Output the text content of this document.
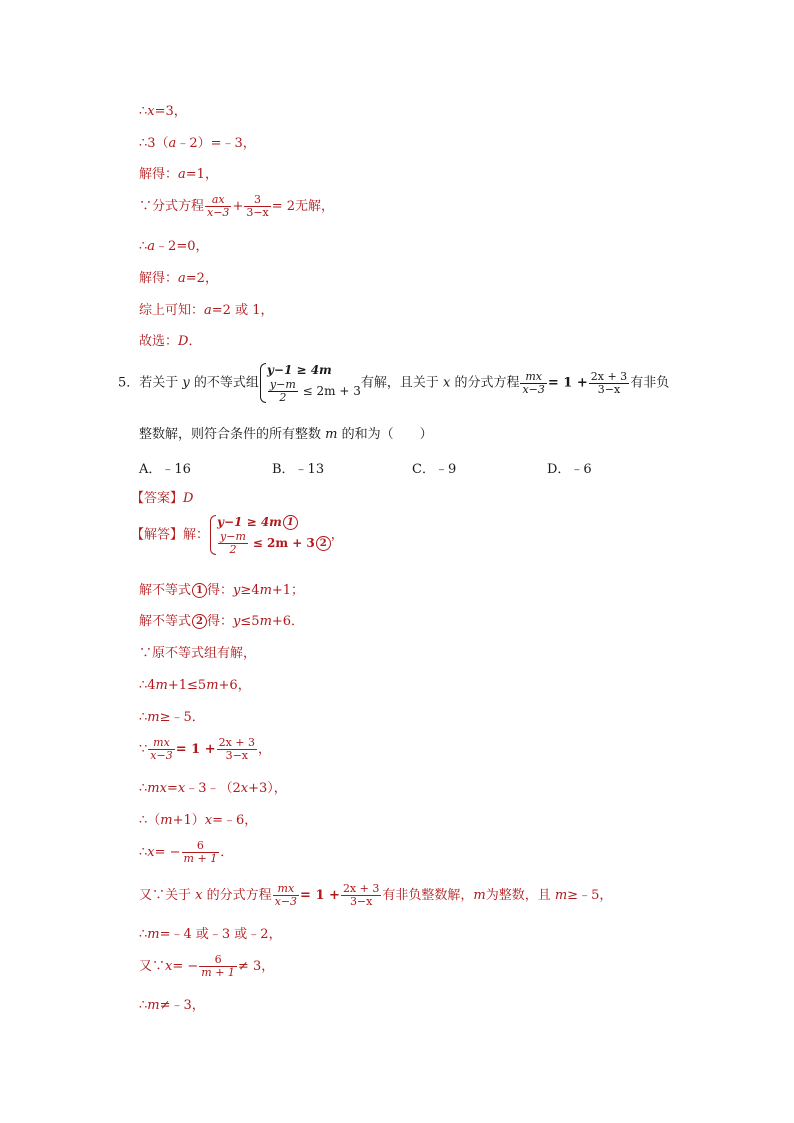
∴x=3，
∴3（a﹣2）=﹣3，
解得：a=1，
∵分式方程 $\frac{ax}{x-3} + \frac{3}{3-x} = 2$无解，
∴a﹣2=0，
解得：a=2，
综上可知：a=2 或 1，
故选：D．
5．若关于 y 的不等式组
y−1 ≥ 4m
$\frac{y-m}{2} \le 2m + 3$
有解，且关于 x 的分式方程 $\frac{mx}{x-3} = 1 + \frac{2x + 3}{3-x}$ 有非负
整数解，则符合条件的所有整数 m 的和为（　　）
A．﹣16	B．﹣13	C．﹣9	D．﹣6
【答案】D
【解答】解：
y−1 ≥ 4m 1
$\frac{y-m}{2} \le 2m + 3$ 2
，
解不等式 1 得：y≥4m+1；
解不等式 2 得：y≤5m+6．
∵原不等式组有解，
∴4m+1≤5m+6，
∴m≥﹣5．
∵ $\frac{mx}{x-3} = 1 + \frac{2x + 3}{3-x}$ ，
∴mx=x﹣3﹣（2x+3），
∴（m+1）x=﹣6，
∴x= − $\frac{6}{m + 1}$ ．
又∵关于 x 的分式方程 $\frac{mx}{x-3} = 1 + \frac{2x + 3}{3-x}$ 有非负整数解，m为整数，且 m≥﹣5，
∴m=﹣4 或﹣3 或﹣2，
又∵x= − $\frac{6}{m + 1} \ne 3$，
∴m≠﹣3，
